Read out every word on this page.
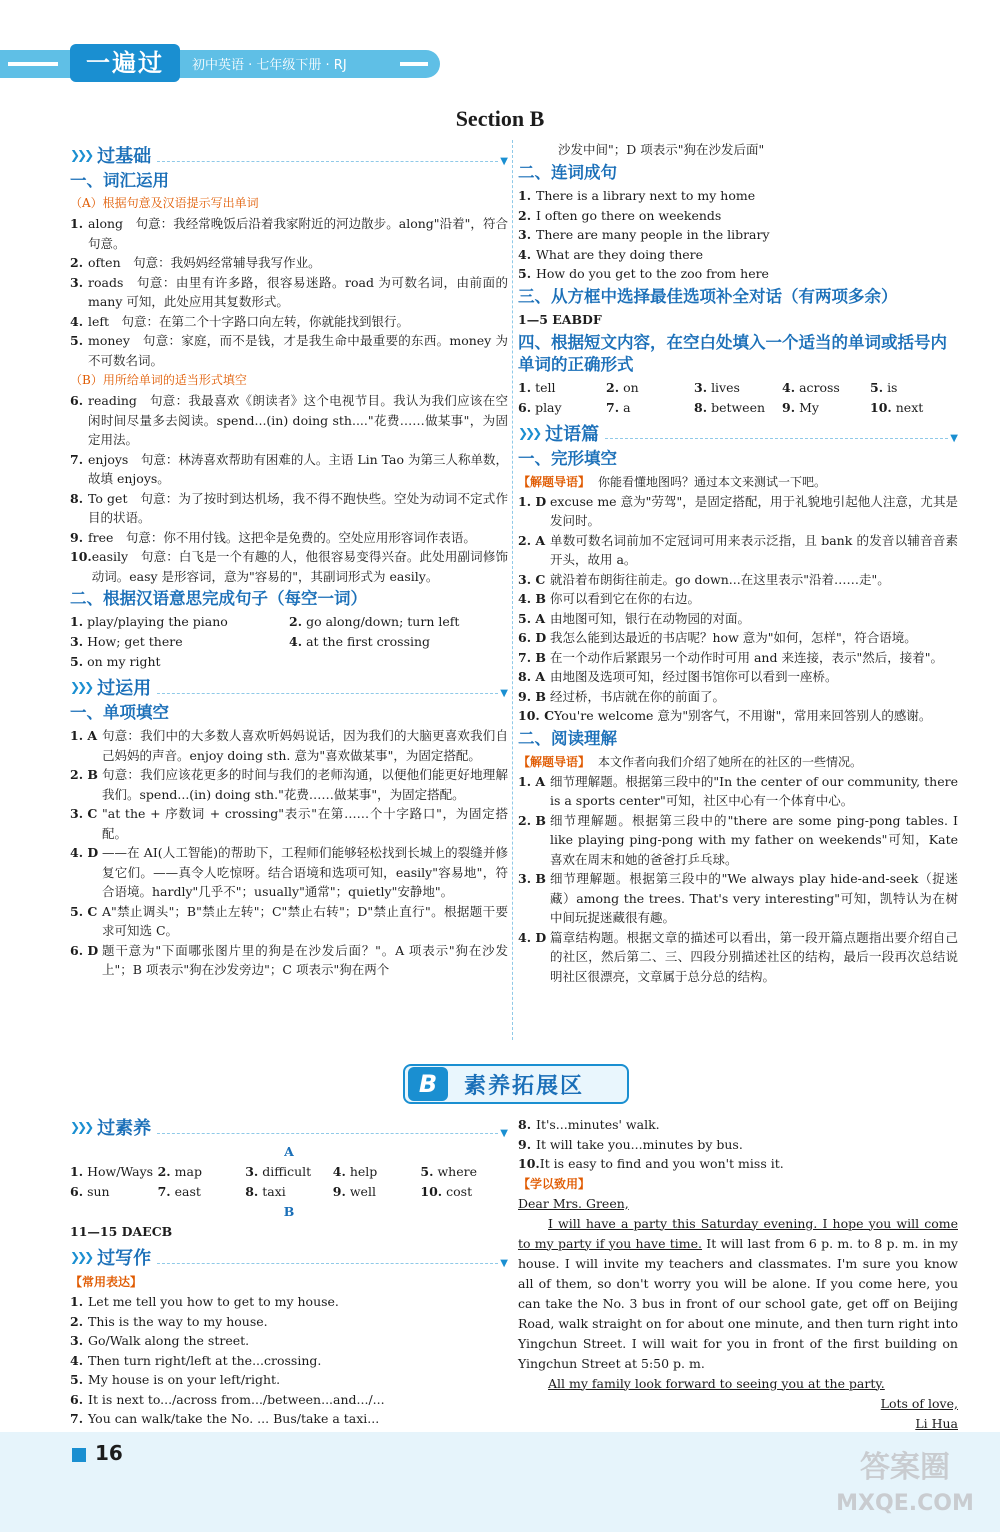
一遍过	初中英语 · 七年级下册 · RJ
Section B
❯❯❯ 过基础	▼
一、词汇运用
（A）根据句意及汉语提示写出单词
1. along　句意：我经常晚饭后沿着我家附近的河边散步。along"沿着"，符合句意。
2. often　句意：我妈妈经常辅导我写作业。
3. roads　句意：由里有许多路，很容易迷路。road 为可数名词，由前面的 many 可知，此处应用其复数形式。
4. left　句意：在第二个十字路口向左转，你就能找到银行。
5. money　句意：家庭，而不是钱，才是我生命中最重要的东西。money 为不可数名词。
（B）用所给单词的适当形式填空
6. reading　句意：我最喜欢《朗读者》这个电视节目。我认为我们应该在空闲时间尽量多去阅读。spend...(in) doing sth...."花费……做某事"，为固定用法。
7. enjoys　句意：林涛喜欢帮助有困难的人。主语 Lin Tao 为第三人称单数，故填 enjoys。
8. To get　句意：为了按时到达机场，我不得不跑快些。空处为动词不定式作目的状语。
9. free　句意：你不用付钱。这把伞是免费的。空处应用形容词作表语。
10. easily　句意：白飞是一个有趣的人，他很容易变得兴奋。此处用副词修饰动词。easy 是形容词，意为"容易的"，其副词形式为 easily。
二、根据汉语意思完成句子（每空一词）
1. play/playing the piano	2. go along/down; turn left
3. How; get there	4. at the first crossing
5. on my right
❯❯❯ 过运用	▼
一、单项填空
1. A 句意：我们中的大多数人喜欢听妈妈说话，因为我们的大脑更喜欢我们自己妈妈的声音。enjoy doing sth. 意为"喜欢做某事"，为固定搭配。
2. B 句意：我们应该花更多的时间与我们的老师沟通，以便他们能更好地理解我们。spend...(in) doing sth."花费……做某事"，为固定搭配。
3. C "at the + 序数词 + crossing"表示"在第……个十字路口"，为固定搭配。
4. D ——在 AI(人工智能)的帮助下，工程师们能够轻松找到长城上的裂缝并修复它们。——真令人吃惊呀。结合语境和选项可知，easily"容易地"，符合语境。hardly"几乎不"；usually"通常"；quietly"安静地"。
5. C A"禁止调头"；B"禁止左转"；C"禁止右转"；D"禁止直行"。根据题干要求可知选 C。
6. D 题干意为"下面哪张图片里的狗是在沙发后面？"。A 项表示"狗在沙发上"；B 项表示"狗在沙发旁边"；C 项表示"狗在两个
沙发中间"；D 项表示"狗在沙发后面"
二、连词成句
1. There is a library next to my home
2. I often go there on weekends
3. There are many people in the library
4. What are they doing there
5. How do you get to the zoo from here
三、从方框中选择最佳选项补全对话（有两项多余）
1—5 EABDF
四、根据短文内容，在空白处填入一个适当的单词或括号内单词的正确形式
1. tell	2. on	3. lives	4. across	5. is
6. play	7. a	8. between	9. My	10. next
❯❯❯ 过语篇	▼
一、完形填空
【解题导语】 你能看懂地图吗？通过本文来测试一下吧。
1. D excuse me 意为"劳驾"，是固定搭配，用于礼貌地引起他人注意，尤其是发问时。
2. A 单数可数名词前加不定冠词可用来表示泛指，且 bank 的发音以辅音音素开头，故用 a。
3. C 就沿着布朗街往前走。go down...在这里表示"沿着……走"。
4. B 你可以看到它在你的右边。
5. A 由地图可知，银行在动物园的对面。
6. D 我怎么能到达最近的书店呢？how 意为"如何，怎样"，符合语境。
7. B 在一个动作后紧跟另一个动作时可用 and 来连接，表示"然后，接着"。
8. A 由地图及选项可知，经过图书馆你可以看到一座桥。
9. B 经过桥，书店就在你的前面了。
10. C You're welcome 意为"别客气，不用谢"，常用来回答别人的感谢。
二、阅读理解
【解题导语】 本文作者向我们介绍了她所在的社区的一些情况。
1. A 细节理解题。根据第三段中的"In the center of our community, there is a sports center"可知，社区中心有一个体育中心。
2. B 细节理解题。根据第三段中的"there are some ping-pong tables. I like playing ping-pong with my father on weekends"可知，Kate 喜欢在周末和她的爸爸打乒乓球。
3. B 细节理解题。根据第三段中的"We always play hide-and-seek（捉迷藏）among the trees. That's very interesting"可知，凯特认为在树中间玩捉迷藏很有趣。
4. D 篇章结构题。根据文章的描述可以看出，第一段开篇点题指出要介绍自己的社区，然后第二、三、四段分别描述社区的结构，最后一段再次总结说明社区很漂亮，文章属于总分总的结构。
B	素养拓展区
❯❯❯ 过素养	▼
A
1. How/Ways 2. map	3. difficult	4. help	5. where
6. sun	7. east	8. taxi	9. well	10. cost
B
11—15 DAECB
❯❯❯ 过写作	▼
【常用表达】
1. Let me tell you how to get to my house.
2. This is the way to my house.
3. Go/Walk along the street.
4. Then turn right/left at the...crossing.
5. My house is on your left/right.
6. It is next to.../across from.../between...and.../...
7. You can walk/take the No. ... Bus/take a taxi...
8. It's...minutes' walk.
9. It will take you...minutes by bus.
10. It is easy to find and you won't miss it.
【学以致用】
Dear Mrs. Green,
I will have a party this Saturday evening. I hope you will come to my party if you have time. It will last from 6 p. m. to 8 p. m. in my house. I will invite my teachers and classmates. I'm sure you know all of them, so don't worry you will be alone. If you come here, you can take the No. 3 bus in front of our school gate, get off on Beijing Road, walk straight on for about one minute, and then turn right into Yingchun Street. I will wait for you in front of the first building on Yingchun Street at 5:50 p. m.
All my family look forward to seeing you at the party.
Lots of love,
Li Hua
16	答案圈
MXQE.COM
